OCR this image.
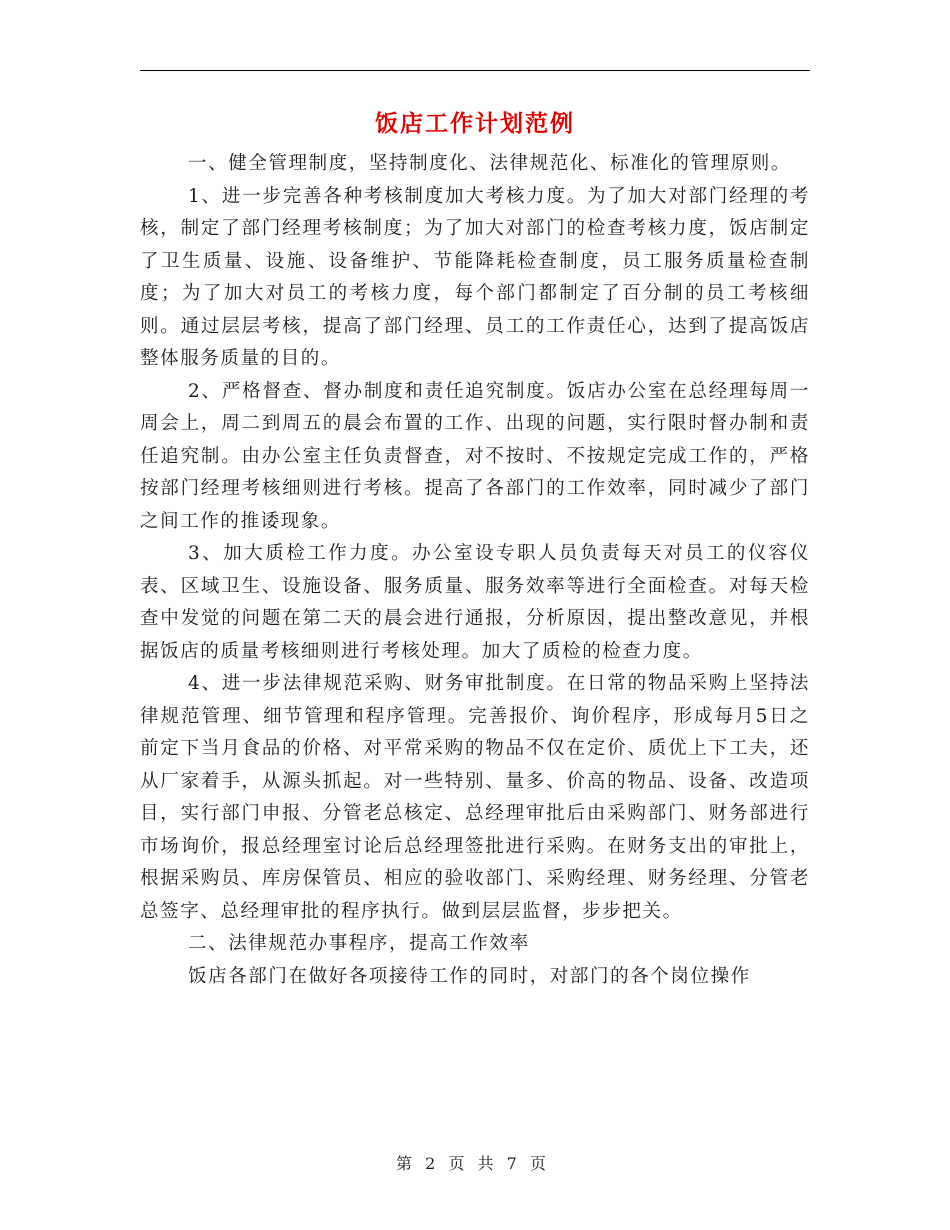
饭店工作计划范例

一、健全管理制度，坚持制度化、法律规范化、标准化的管理原则。

1、进一步完善各种考核制度加大考核力度。为了加大对部门经理的考核，制定了部门经理考核制度；为了加大对部门的检查考核力度，饭店制定了卫生质量、设施、设备维护、节能降耗检查制度，员工服务质量检查制度；为了加大对员工的考核力度，每个部门都制定了百分制的员工考核细则。通过层层考核，提高了部门经理、员工的工作责任心，达到了提高饭店整体服务质量的目的。

2、严格督查、督办制度和责任追究制度。饭店办公室在总经理每周一周会上，周二到周五的晨会布置的工作、出现的问题，实行限时督办制和责任追究制。由办公室主任负责督查，对不按时、不按规定完成工作的，严格按部门经理考核细则进行考核。提高了各部门的工作效率，同时减少了部门之间工作的推诿现象。

3、加大质检工作力度。办公室设专职人员负责每天对员工的仪容仪表、区域卫生、设施设备、服务质量、服务效率等进行全面检查。对每天检查中发觉的问题在第二天的晨会进行通报，分析原因，提出整改意见，并根据饭店的质量考核细则进行考核处理。加大了质检的检查力度。

4、进一步法律规范采购、财务审批制度。在日常的物品采购上坚持法律规范管理、细节管理和程序管理。完善报价、询价程序，形成每月5日之前定下当月食品的价格、对平常采购的物品不仅在定价、质优上下工夫，还从厂家着手，从源头抓起。对一些特别、量多、价高的物品、设备、改造项目，实行部门申报、分管老总核定、总经理审批后由采购部门、财务部进行市场询价，报总经理室讨论后总经理签批进行采购。在财务支出的审批上，根据采购员、库房保管员、相应的验收部门、采购经理、财务经理、分管老总签字、总经理审批的程序执行。做到层层监督，步步把关。

二、法律规范办事程序，提高工作效率

饭店各部门在做好各项接待工作的同时，对部门的各个岗位操作

第 2 页 共 7 页
